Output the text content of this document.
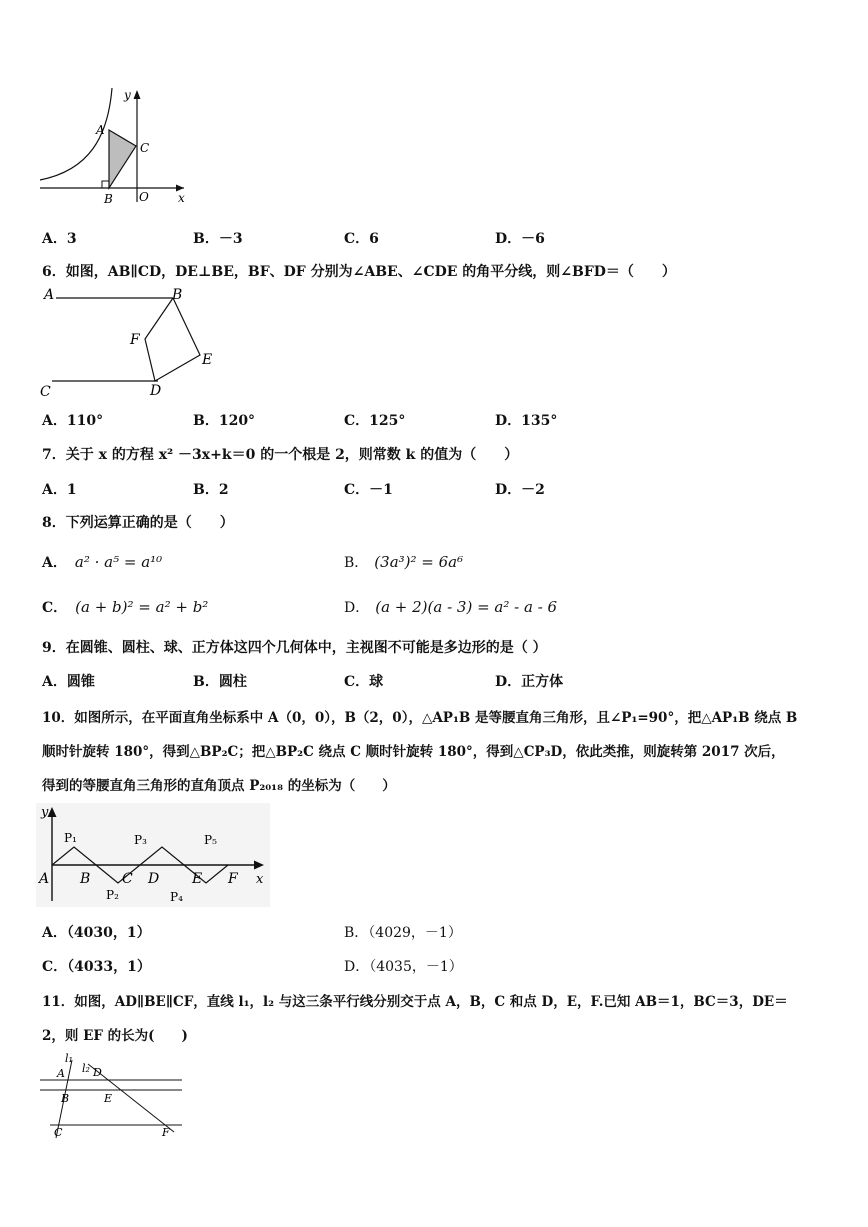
y
A
C
B O x
A．3	B．－3	C．6	D．－6
6．如图，AB∥CD，DE⊥BE，BF、DF 分别为∠ABE、∠CDE 的角平分线，则∠BFD＝（　　）
A	B
F
E
C	D
A．110°	B．120°	C．125°	D．135°
7．关于 x 的方程 x² －3x+k＝0 的一个根是 2，则常数 k 的值为（　　）
A．1	B．2	C．－1	D．－2
8．下列运算正确的是（　　）
A． a² · a⁵ = a¹⁰	B． (3a³)² = 6a⁶
C． (a + b)² = a² + b²	D． (a + 2)(a - 3) = a² - a - 6
9．在圆锥、圆柱、球、正方体这四个几何体中，主视图不可能是多边形的是（ ）
A．圆锥	B．圆柱	C．球	D．正方体
10．如图所示，在平面直角坐标系中 A（0，0），B（2，0），△AP₁B 是等腰直角三角形，且∠P₁=90°，把△AP₁B 绕点 B
顺时针旋转 180°，得到△BP₂C；把△BP₂C 绕点 C 顺时针旋转 180°，得到△CP₃D，依此类推，则旋转第 2017 次后，
得到的等腰直角三角形的直角顶点 P₂₀₁₈ 的坐标为（　　）
y
x
A B C D E F
P₁
P₂
P₃
P₄
P₅
A．（4030，1）	B．（4029，－1）
C．（4033，1）	D．（4035，－1）
11．如图，AD∥BE∥CF，直线 l₁，l₂ 与这三条平行线分别交于点 A，B，C 和点 D，E，F.已知 AB＝1，BC＝3，DE＝
2，则 EF 的长为(　　)
l₁
l₂
A	D
B	E
C	F
